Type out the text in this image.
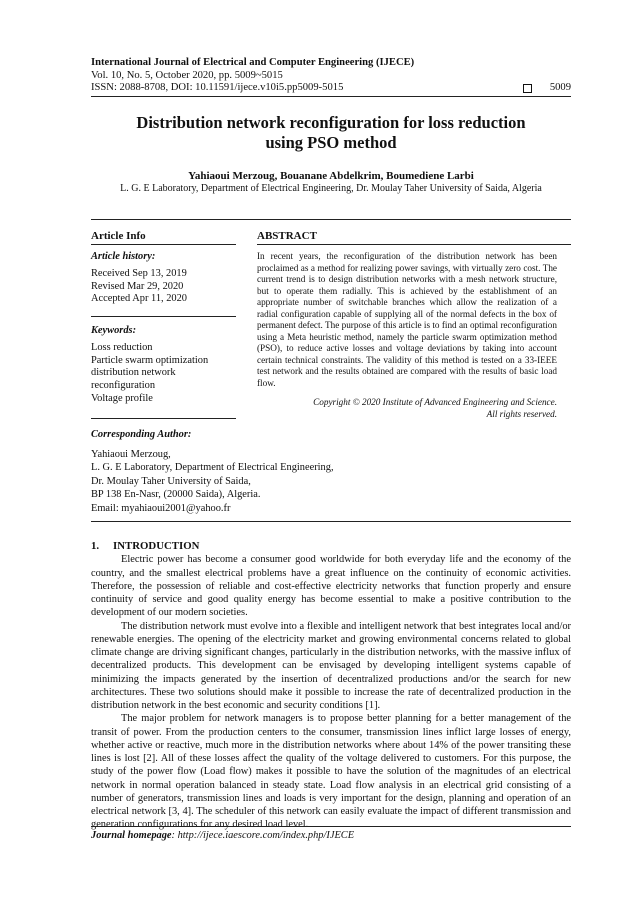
International Journal of Electrical and Computer Engineering (IJECE)
Vol. 10, No. 5, October 2020, pp. 5009~5015
ISSN: 2088-8708, DOI: 10.11591/ijece.v10i5.pp5009-5015	5009
Distribution network reconfiguration for loss reduction
using PSO method
Yahiaoui Merzoug, Bouanane Abdelkrim, Boumediene Larbi
L. G. E Laboratory, Department of Electrical Engineering, Dr. Moulay Taher University of Saida, Algeria
Article Info
Article history:
Received Sep 13, 2019
Revised Mar 29, 2020
Accepted Apr 11, 2020
Keywords:
Loss reduction
Particle swarm optimization
distribution network
reconfiguration
Voltage profile
ABSTRACT
In recent years, the reconfiguration of the distribution network has been proclaimed as a method for realizing power savings, with virtually zero cost. The current trend is to design distribution networks with a mesh network structure, but to operate them radially. This is achieved by the establishment of an appropriate number of switchable branches which allow the realization of a radial configuration capable of supplying all of the normal defects in the box of permanent defect. The purpose of this article is to find an optimal reconfiguration using a Meta heuristic method, namely the particle swarm optimization method (PSO), to reduce active losses and voltage deviations by taking into account certain technical constraints. The validity of this method is tested on a 33-IEEE test network and the results obtained are compared with the results of basic load flow.
Copyright © 2020 Institute of Advanced Engineering and Science.
All rights reserved.
Corresponding Author:
Yahiaoui Merzoug,
L. G. E Laboratory, Department of Electrical Engineering,
Dr. Moulay Taher University of Saida,
BP 138 En-Nasr, (20000 Saida), Algeria.
Email: myahiaoui2001@yahoo.fr
1. INTRODUCTION

Electric power has become a consumer good worldwide for both everyday life and the economy of the country, and the smallest electrical problems have a great influence on the continuity of economic activities. Therefore, the possession of reliable and cost-effective electricity networks that function properly and ensure continuity of service and good quality energy has become essential to make a positive contribution to the development of our modern societies.

The distribution network must evolve into a flexible and intelligent network that best integrates local and/or renewable energies. The opening of the electricity market and growing environmental concerns related to global climate change are driving significant changes, particularly in the distribution networks, with the massive influx of decentralized products. This development can be envisaged by developing intelligent systems capable of minimizing the impacts generated by the insertion of decentralized productions and/or the search for new architectures. These two solutions should make it possible to increase the rate of decentralized production in the distribution network in the best economic and security conditions [1].

The major problem for network managers is to propose better planning for a better management of the transit of power. From the production centers to the consumer, transmission lines inflict large losses of energy, whether active or reactive, much more in the distribution networks where about 14% of the power transiting these lines is lost [2]. All of these losses affect the quality of the voltage delivered to customers. For this purpose, the study of the power flow (Load flow) makes it possible to have the solution of the magnitudes of an electrical network in normal operation balanced in steady state. Load flow analysis in an electrical grid consisting of a number of generators, transmission lines and loads is very important for the design, planning and operation of an electrical network [3, 4]. The scheduler of this network can easily evaluate the impact of different transmission and generation configurations for any desired load level.

Journal homepage: http://ijece.iaescore.com/index.php/IJECE
